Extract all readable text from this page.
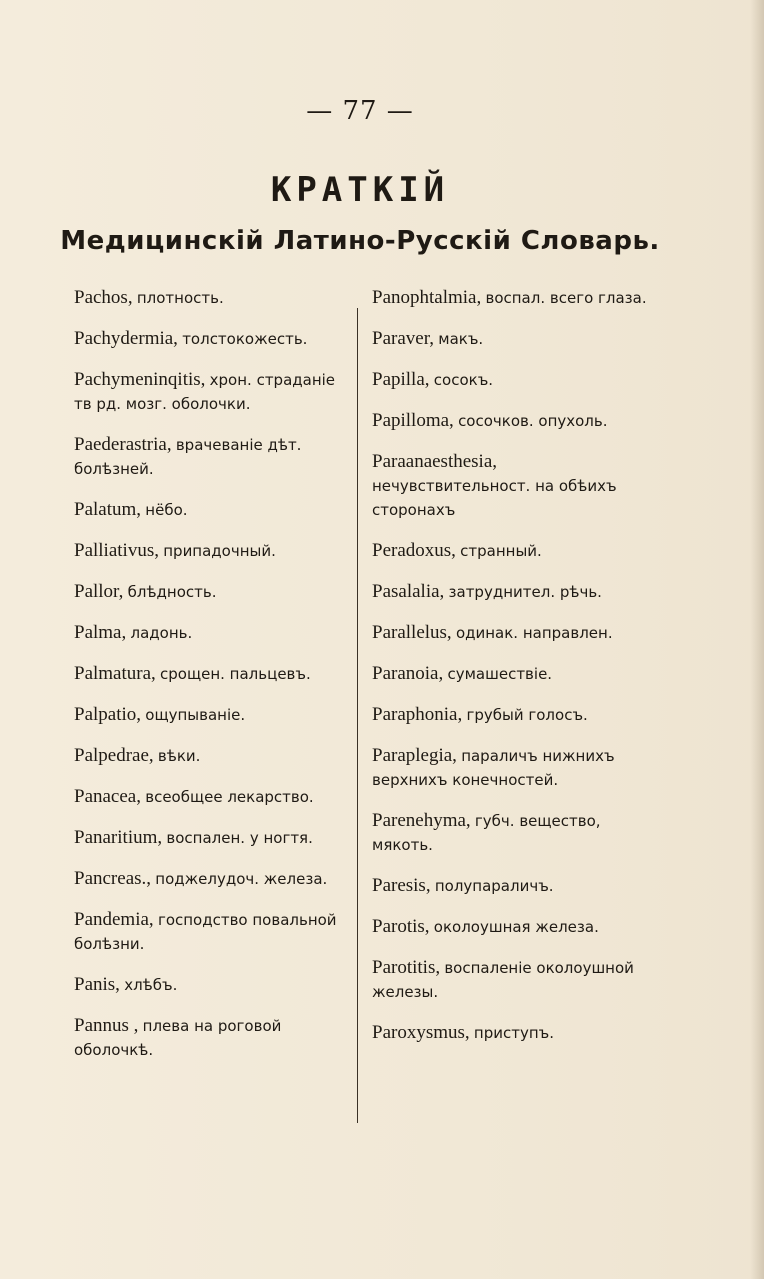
— 77 —
КРАТКІЙ
Медицинскій Латино-Русскій Словарь.

Pachos, плотность.

Pachydermia, толстокожесть.

Pachymeninqitis, хрон. страданіе тв рд. мозг. оболочки.

Paederastria, врачеваніе дѣт. болѣзней.

Palatum, нёбо.

Palliativus, припадочный.

Pallor, блѣдность.

Palma, ладонь.

Palmatura, срощен. пальцевъ.

Palpatio, ощупываніе.

Palpedrae, вѣки.

Panacea, всеобщее лекарство.

Panaritium, воспален. у ногтя.

Pancreas., поджелудоч. железа.

Pandemia, господство повальной болѣзни.

Panis, хлѣбъ.

Pannus , плева на роговой оболочкѣ.

Panophtalmia, воспал. всего глаза.

Paraver, макъ.

Papilla, сосокъ.

Papilloma, сосочков. опухоль.

Paraanaesthesia, нечувствительност. на обѣихъ сторонахъ

Peradoxus, странный.

Pasalalia, затруднител. рѣчь.

Parallelus, одинак. направлен.

Paranoia, сумашествіе.

Paraphonia, грубый голосъ.

Paraplegia, параличъ нижнихъ верхнихъ конечностей.

Parenehyma, губч. вещество, мякоть.

Paresis, полупараличъ.

Parotis, околоушная железа.

Parotitis, воспаленіе околоушной железы.

Paroxysmus, приступъ.
